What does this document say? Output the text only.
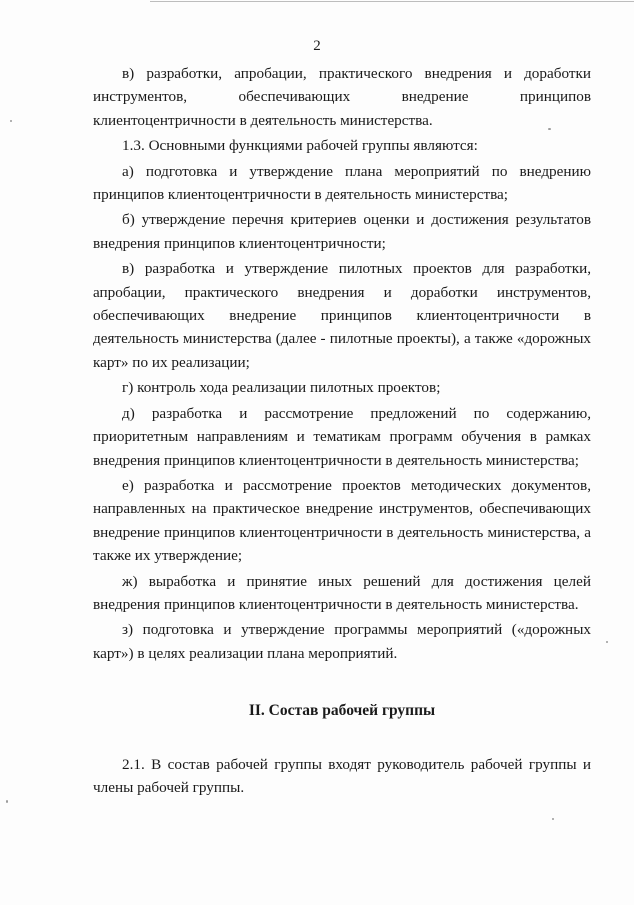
2

в) разработки, апробации, практического внедрения и доработки инструментов, обеспечивающих внедрение принципов клиентоцентричности в деятельность министерства.

1.3. Основными функциями рабочей группы являются:

а) подготовка и утверждение плана мероприятий по внедрению принципов клиентоцентричности в деятельность министерства;

б) утверждение перечня критериев оценки и достижения результатов внедрения принципов клиентоцентричности;

в) разработка и утверждение пилотных проектов для разработки, апробации, практического внедрения и доработки инструментов, обеспечивающих внедрение принципов клиентоцентричности в деятельность министерства (далее - пилотные проекты), а также «дорожных карт» по их реализации;

г) контроль хода реализации пилотных проектов;

д) разработка и рассмотрение предложений по содержанию, приоритетным направлениям и тематикам программ обучения в рамках внедрения принципов клиентоцентричности в деятельность министерства;

е) разработка и рассмотрение проектов методических документов, направленных на практическое внедрение инструментов, обеспечивающих внедрение принципов клиентоцентричности в деятельность министерства, а также их утверждение;

ж) выработка и принятие иных решений для достижения целей внедрения принципов клиентоцентричности в деятельность министерства.

з) подготовка и утверждение программы мероприятий («дорожных карт») в целях реализации плана мероприятий.

II. Состав рабочей группы

2.1. В состав рабочей группы входят руководитель рабочей группы и члены рабочей группы.
